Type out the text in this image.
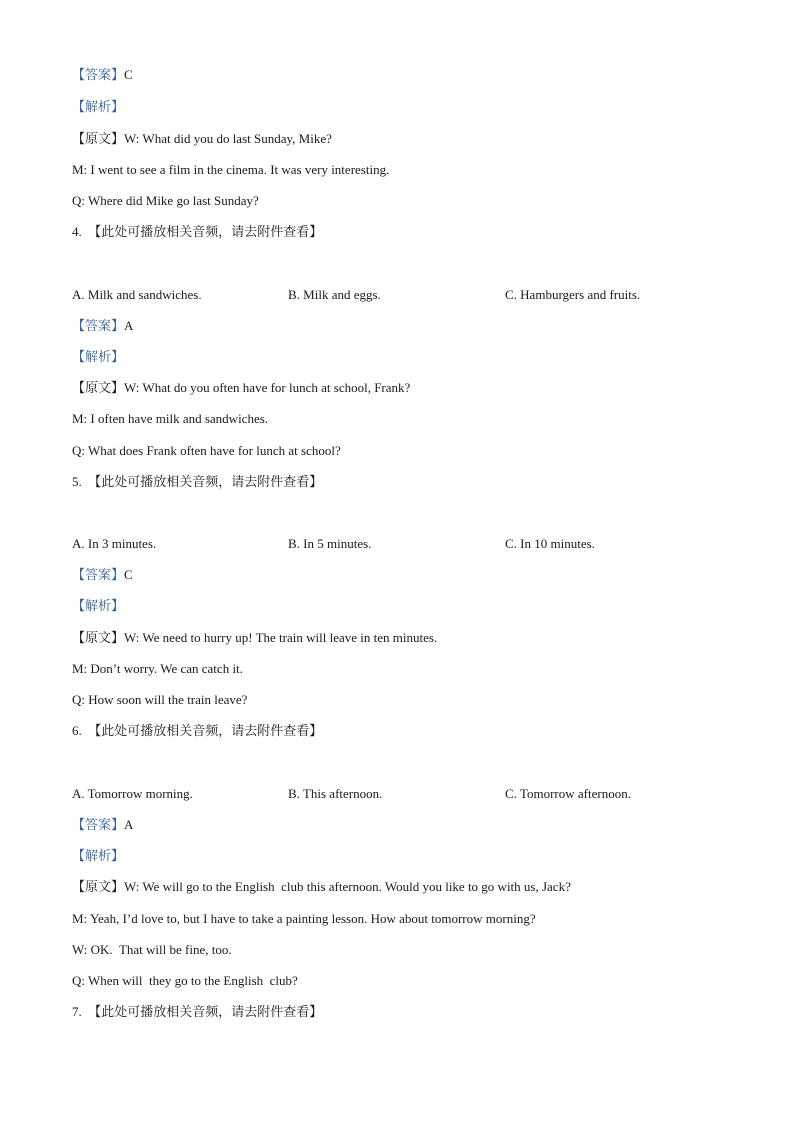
【答案】C
【解析】
【原文】W: What did you do last Sunday, Mike?
M: I went to see a film in the cinema. It was very interesting.
Q: Where did Mike go last Sunday?
4. 【此处可播放相关音频，请去附件查看】
A. Milk and sandwiches.	B. Milk and eggs.	C. Hamburgers and fruits.
【答案】A
【解析】
【原文】W: What do you often have for lunch at school, Frank?
M: I often have milk and sandwiches.
Q: What does Frank often have for lunch at school?
5. 【此处可播放相关音频，请去附件查看】
A. In 3 minutes.	B. In 5 minutes.	C. In 10 minutes.
【答案】C
【解析】
【原文】W: We need to hurry up! The train will leave in ten minutes.
M: Don’t worry. We can catch it.
Q: How soon will the train leave?
6. 【此处可播放相关音频，请去附件查看】
A. Tomorrow morning.	B. This afternoon.	C. Tomorrow afternoon.
【答案】A
【解析】
【原文】W: We will go to the English  club this afternoon. Would you like to go with us, Jack?
M: Yeah, I’d love to, but I have to take a painting lesson. How about tomorrow morning?
W: OK.  That will be fine, too.
Q: When will  they go to the English  club?
7. 【此处可播放相关音频，请去附件查看】
